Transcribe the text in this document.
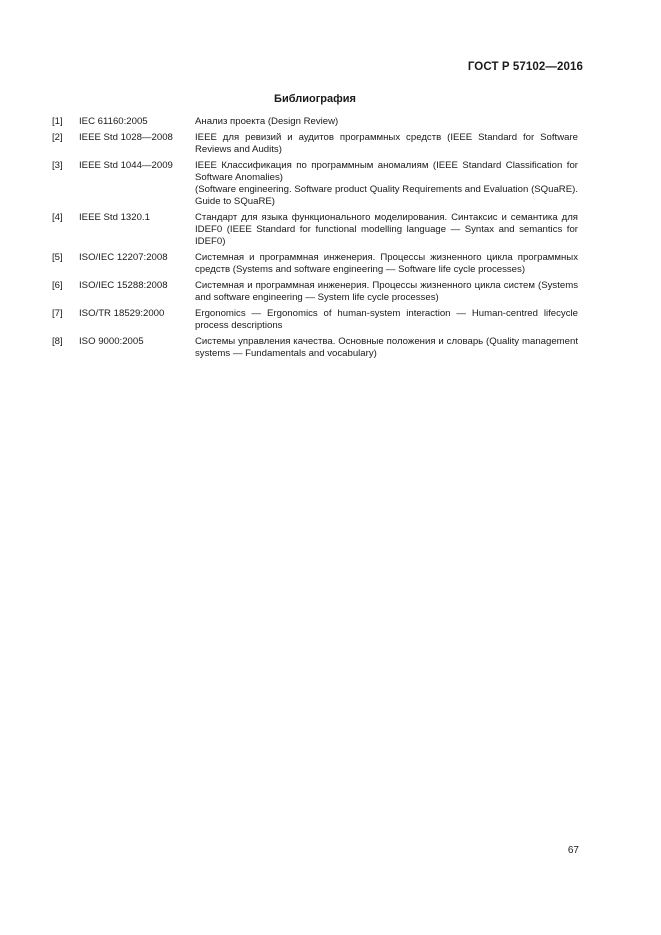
ГОСТ Р 57102—2016
Библиография
[1]	IEC 61160:2005	Анализ проекта (Design Review)
[2]	IEEE Std 1028—2008	IEEE для ревизий и аудитов программных средств (IEEE Standard for Software Reviews and Audits)
[3]	IEEE Std 1044—2009	IEEE Классификация по программным аномалиям (IEEE Standard Classification for Software Anomalies)
(Software engineering. Software product Quality Requirements and Evaluation (SQuaRE). Guide to SQuaRE)
[4]	IEEE Std 1320.1	Стандарт для языка функционального моделирования. Синтаксис и семантика для IDEF0 (IEEE Standard for functional modelling language — Syntax and semantics for IDEF0)
[5]	ISO/IEC 12207:2008	Системная и программная инженерия. Процессы жизненного цикла программных средств (Systems and software engineering — Software life cycle processes)
[6]	ISO/IEC 15288:2008	Системная и программная инженерия. Процессы жизненного цикла систем (Systems and software engineering — System life cycle processes)
[7]	ISO/TR 18529:2000	Ergonomics — Ergonomics of human-system interaction — Human-centred lifecycle process descriptions
[8]	ISO 9000:2005	Системы управления качества. Основные положения и словарь (Quality management systems — Fundamentals and vocabulary)
67
